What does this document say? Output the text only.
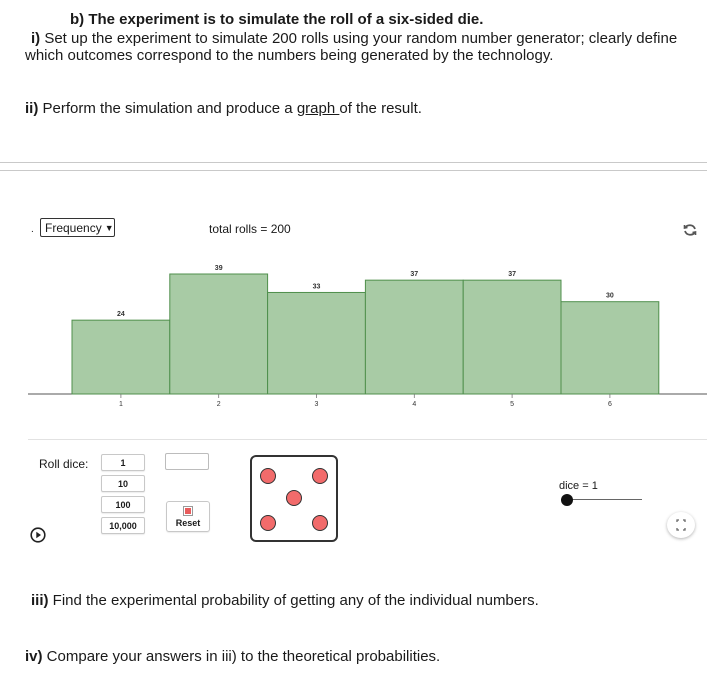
b) The experiment is to simulate the roll of a six-sided die.
i) Set up the experiment to simulate 200 rolls using your random number generator; clearly define
which outcomes correspond to the numbers being generated by the technology.
ii) Perform the simulation and produce a graph of the result.
. Frequency ▼	total rolls = 200
24
1
39
2
33
3
37
4
37
5
30
6
Roll dice:	1
10
100
10,000	Reset
dice = 1
iii) Find the experimental probability of getting any of the individual numbers.
iv) Compare your answers in iii) to the theoretical probabilities.
